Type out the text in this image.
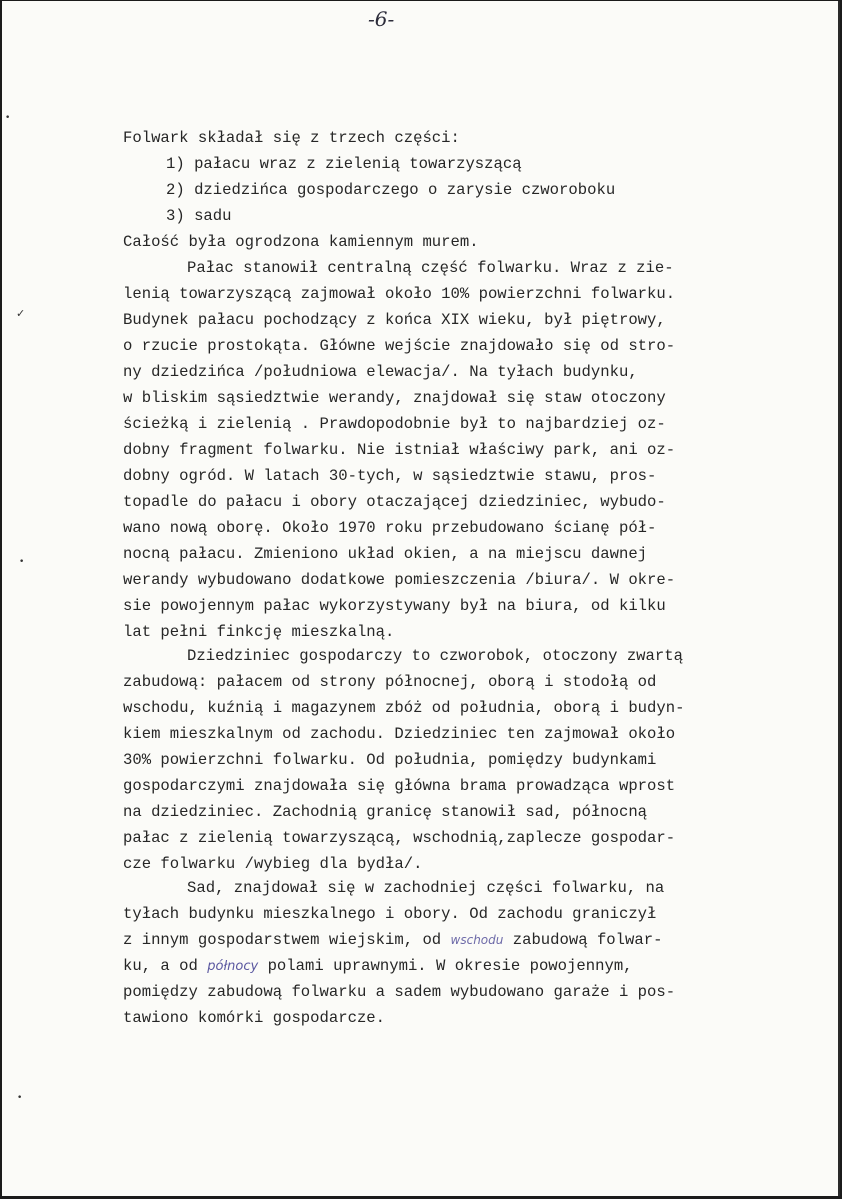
-6-
•
✓
•
•

Folwark składał się z trzech części:

1) pałacu wraz z zielenią towarzyszącą

2) dziedzińca gospodarczego o zarysie czworoboku

3) sadu

Całość była ogrodzona kamiennym murem.

Pałac stanowił centralną część folwarku. Wraz z zie-

lenią towarzyszącą zajmował około 10% powierzchni folwarku.

Budynek pałacu pochodzący z końca XIX wieku, był piętrowy,

o rzucie prostokąta. Główne wejście znajdowało się od stro-

ny dziedzińca /południowa elewacja/. Na tyłach budynku,

w bliskim sąsiedztwie werandy, znajdował się staw otoczony

ścieżką i zielenią . Prawdopodobnie był to najbardziej oz-

dobny fragment folwarku. Nie istniał właściwy park, ani oz-

dobny ogród. W latach 30-tych, w sąsiedztwie stawu, pros-

topadle do pałacu i obory otaczającej dziedziniec, wybudo-

wano nową oborę. Około 1970 roku przebudowano ścianę pół-

nocną pałacu. Zmieniono układ okien, a na miejscu dawnej

werandy wybudowano dodatkowe pomieszczenia /biura/. W okre-

sie powojennym pałac wykorzystywany był na biura, od kilku

lat pełni finkcję mieszkalną.

Dziedziniec gospodarczy to czworobok, otoczony zwartą

zabudową: pałacem od strony północnej, oborą i stodołą od

wschodu, kuźnią i magazynem zbóż od południa, oborą i budyn-

kiem mieszkalnym od zachodu. Dziedziniec ten zajmował około

30% powierzchni folwarku. Od południa, pomiędzy budynkami

gospodarczymi znajdowała się główna brama prowadząca wprost

na dziedziniec. Zachodnią granicę stanowił sad, północną

pałac z zielenią towarzyszącą, wschodnią,zaplecze gospodar-

cze folwarku /wybieg dla bydła/.

Sad, znajdował się w zachodniej części folwarku, na

tyłach budynku mieszkalnego i obory. Od zachodu graniczył

z innym gospodarstwem wiejskim, od wschodu zabudową folwar-

ku, a od północy polami uprawnymi. W okresie powojennym,

pomiędzy zabudową folwarku a sadem wybudowano garaże i pos-

tawiono komórki gospodarcze.
